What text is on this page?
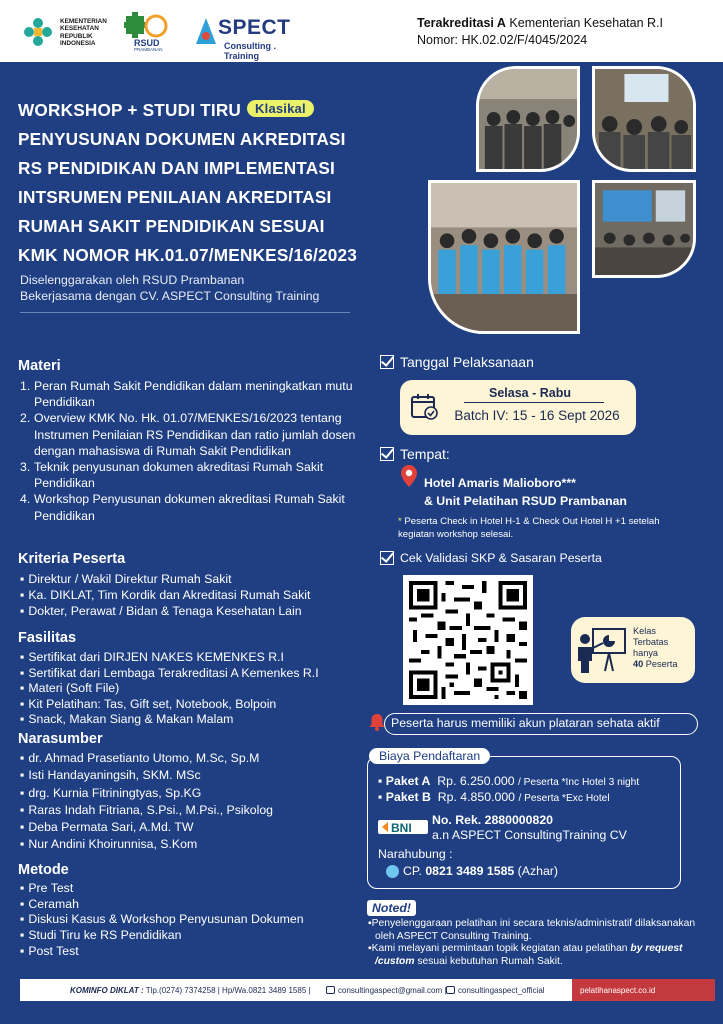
KEMENTERIAN KESEHATAN REPUBLIK INDONESIA	RSUD
PRAMBANAN
SPECT
Consulting . Training
Terakreditasi A Kementerian Kesehatan R.I
Nomor: HK.02.02/F/4045/2024
WORKSHOP + STUDI TIRU Klasikal
PENYUSUNAN DOKUMEN AKREDITASI
RS PENDIDIKAN DAN IMPLEMENTASI
INTSRUMEN PENILAIAN AKREDITASI
RUMAH SAKIT PENDIDIKAN SESUAI
KMK NOMOR HK.01.07/MENKES/16/2023
Diselenggarakan oleh RSUD Prambanan
Bekerjasama dengan CV. ASPECT Consulting Training
Materi
1. Peran Rumah Sakit Pendidikan dalam meningkatkan mutu Pendidikan
2. Overview KMK No. Hk. 01.07/MENKES/16/2023 tentang Instrumen Penilaian RS Pendidikan dan ratio jumlah dosen dengan mahasiswa di Rumah Sakit Pendidikan
3. Teknik penyusunan dokumen akreditasi Rumah Sakit Pendidikan
4. Workshop Penyusunan dokumen akreditasi Rumah Sakit Pendidikan
Kriteria Peserta
▪ Direktur / Wakil Direktur Rumah Sakit
▪ Ka. DIKLAT, Tim Kordik dan Akreditasi Rumah Sakit
▪ Dokter, Perawat / Bidan & Tenaga Kesehatan Lain
Fasilitas
▪ Sertifikat dari DIRJEN NAKES KEMENKES R.I
▪ Sertifikat dari Lembaga Terakreditasi A Kemenkes R.I
▪ Materi (Soft File)
▪ Kit Pelatihan: Tas, Gift set, Notebook, Bolpoin
▪ Snack, Makan Siang & Makan Malam
Narasumber
▪ dr. Ahmad Prasetianto Utomo, M.Sc, Sp.M
▪ Isti Handayaningsih, SKM. MSc
▪ drg. Kurnia Fitriningtyas, Sp.KG
▪ Raras Indah Fitriana, S.Psi., M.Psi., Psikolog
▪ Deba Permata Sari, A.Md. TW
▪ Nur Andini Khoirunnisa, S.Kom
Metode
▪ Pre Test
▪ Ceramah
▪ Diskusi Kasus & Workshop Penyusunan Dokumen
▪ Studi Tiru ke RS Pendidikan
▪ Post Test
Tanggal Pelaksanaan
Selasa - Rabu
Batch IV: 15 - 16 Sept 2026
Tempat:
Hotel Amaris Malioboro***
& Unit Pelatihan RSUD Prambanan
* Peserta Check in Hotel H-1 & Check Out Hotel H +1 setelah kegiatan workshop selesai.
Cek Validasi SKP & Sasaran Peserta
Kelas
Terbatas
hanya
40 Peserta
Peserta harus memiliki akun plataran sehata aktif
Biaya Pendaftaran
▪ Paket A Rp. 6.250.000 / Peserta *Inc Hotel 3 night
▪ Paket B Rp. 4.850.000 / Peserta *Exc Hotel
BNI
No. Rek. 2880000820
a.n ASPECT ConsultingTraining CV
Narahubung :
CP.
0821 3489 1585
(Azhar)
Noted!
▪ Penyelenggaraan pelatihan ini secara teknis/administratif dilaksanakan oleh ASPECT Consulting Training.
▪ Kami melayani permintaan topik kegiatan atau pelatihan by request /custom sesuai kebutuhan Rumah Sakit.
KOMINFO DIKLAT : Tlp.(0274) 7374258 | Hp/Wa.0821 3489 1585 |	consultingaspect@gmail.com |	consultingaspect_official	pelatihanaspect.co.id
